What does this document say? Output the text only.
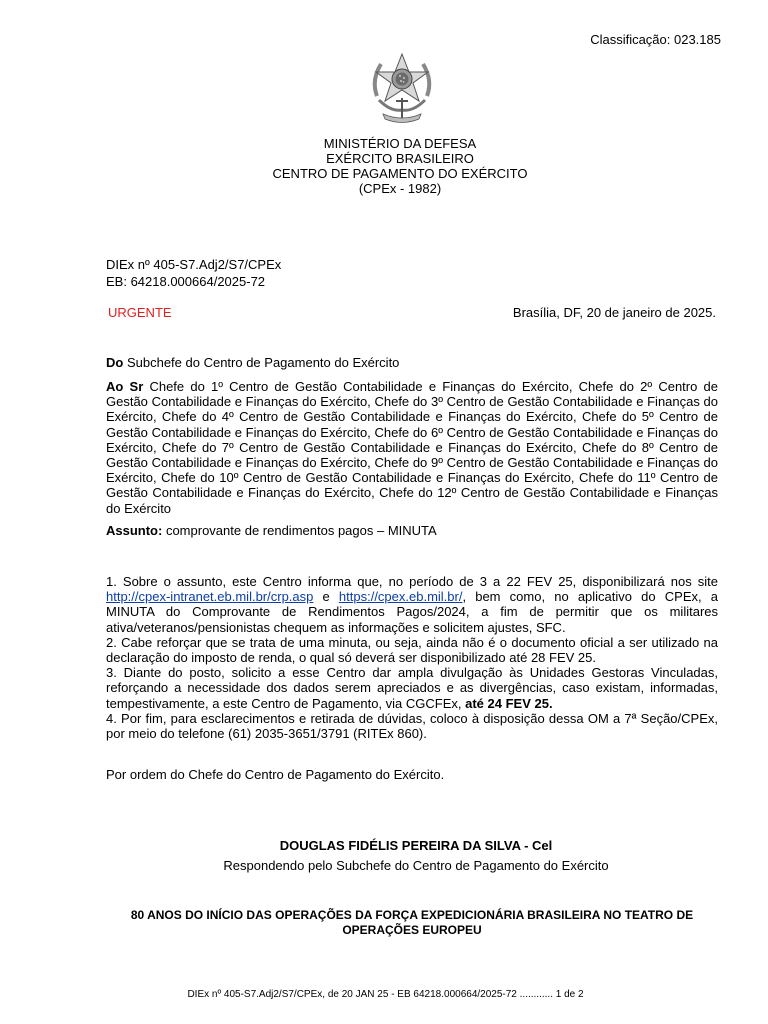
Classificação: 023.185
MINISTÉRIO DA DEFESA
EXÉRCITO BRASILEIRO
CENTRO DE PAGAMENTO DO EXÉRCITO
(CPEx - 1982)
DIEx nº 405-S7.Adj2/S7/CPEx
EB: 64218.000664/2025-72
URGENTE	Brasília, DF, 20 de janeiro de 2025.
Do Subchefe do Centro de Pagamento do Exército
Ao Sr Chefe do 1º Centro de Gestão Contabilidade e Finanças do Exército, Chefe do 2º Centro de Gestão Contabilidade e Finanças do Exército, Chefe do 3º Centro de Gestão Contabilidade e Finanças do Exército, Chefe do 4º Centro de Gestão Contabilidade e Finanças do Exército, Chefe do 5º Centro de Gestão Contabilidade e Finanças do Exército, Chefe do 6º Centro de Gestão Contabilidade e Finanças do Exército, Chefe do 7º Centro de Gestão Contabilidade e Finanças do Exército, Chefe do 8º Centro de Gestão Contabilidade e Finanças do Exército, Chefe do 9º Centro de Gestão Contabilidade e Finanças do Exército, Chefe do 10º Centro de Gestão Contabilidade e Finanças do Exército, Chefe do 11º Centro de Gestão Contabilidade e Finanças do Exército, Chefe do 12º Centro de Gestão Contabilidade e Finanças do Exército
Assunto: comprovante de rendimentos pagos – MINUTA

1. Sobre o assunto, este Centro informa que, no período de 3 a 22 FEV 25, disponibilizará nos site http://cpex-intranet.eb.mil.br/crp.asp e https://cpex.eb.mil.br/, bem como, no aplicativo do CPEx, a MINUTA do Comprovante de Rendimentos Pagos/2024, a fim de permitir que os militares ativa/veteranos/pensionistas chequem as informações e solicitem ajustes, SFC.

2. Cabe reforçar que se trata de uma minuta, ou seja, ainda não é o documento oficial a ser utilizado na declaração do imposto de renda, o qual só deverá ser disponibilizado até 28 FEV 25.

3. Diante do posto, solicito a esse Centro dar ampla divulgação às Unidades Gestoras Vinculadas, reforçando a necessidade dos dados serem apreciados e as divergências, caso existam, informadas, tempestivamente, a este Centro de Pagamento, via CGCFEx, até 24 FEV 25.

4. Por fim, para esclarecimentos e retirada de dúvidas, coloco à disposição dessa OM a 7ª Seção/CPEx, por meio do telefone (61) 2035-3651/3791 (RITEx 860).

Por ordem do Chefe do Centro de Pagamento do Exército.
DOUGLAS FIDÉLIS PEREIRA DA SILVA - Cel
Respondendo pelo Subchefe do Centro de Pagamento do Exército
80 ANOS DO INÍCIO DAS OPERAÇÕES DA FORÇA EXPEDICIONÁRIA BRASILEIRA NO TEATRO DE OPERAÇÕES EUROPEU
DIEx nº 405-S7.Adj2/S7/CPEx, de 20 JAN 25 - EB 64218.000664/2025-72 ............ 1 de 2
